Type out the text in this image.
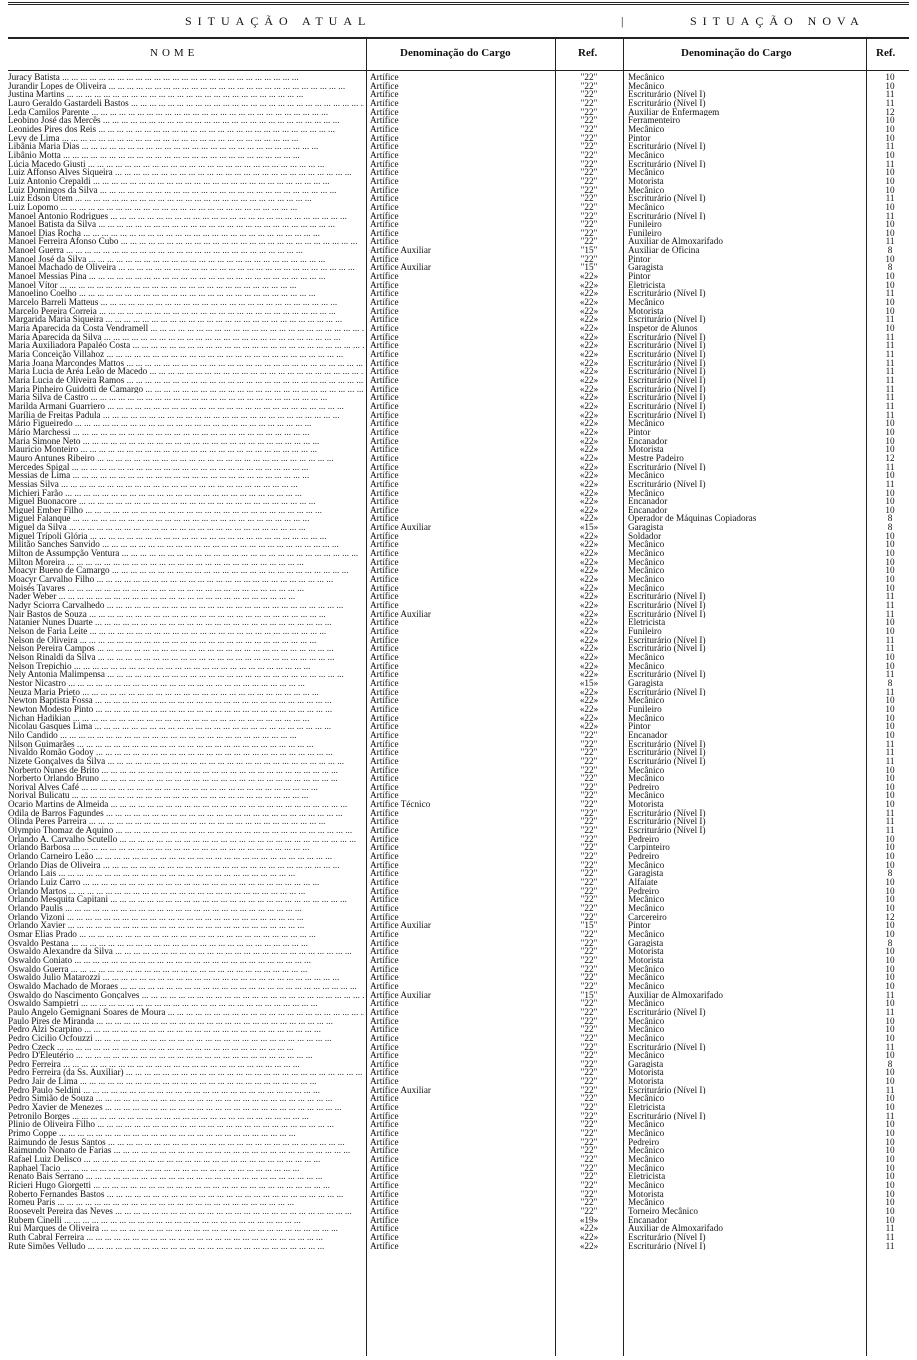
SITUAÇÃO ATUAL	|	SITUAÇÃO NOVA
NOME	Denominação do Cargo	Ref.	Denominação do Cargo	Ref.
Juracy Batista ... .	Artífice	"22"	Mecânico	10
Jurandir Lopes de Oliveira ... .	Artífice	"22"	Mecânico	10
Justina Martins ... .	Artífice	"22"	Escriturário (Nível I)	11
Lauro Geraldo Gastardeli Bastos ... .	Artífice	"22"	Escriturário (Nível I)	11
Leda Camilos Parente ... .	Artífice	"22"	Auxiliar de Enfermagem	12
Leobino José das Mercês ... .	Artífice	"22"	Ferramenteiro	10
Leonides Pires dos Reis ... .	Artífice	"22"	Mecânico	10
Levy de Lima ... .	Artífice	"22"	Pintor	10
Libânia Maria Dias ... .	Artífice	"22"	Escriturário (Nível I)	11
Libânio Motta ... .	Artífice	"22"	Mecânico	10
Lúcia Macedo Giusti ... .	Artífice	"22"	Escriturário (Nível I)	11
Luiz Affonso Alves Siqueira ... .	Artífice	"22"	Mecânico	10
Luiz Antonio Crepaldi ... .	Artífice	"22"	Motorista	10
Luiz Domingos da Silva ... .	Artífice	"22"	Mecânico	10
Luiz Edson Utem ... .	Artífice	"22"	Escriturário (Nível I)	11
Luiz Lopomo ... .	Artífice	"22"	Mecânico	10
Manoel Antonio Rodrigues ... .	Artífice	"22"	Escriturário (Nível I)	11
Manoel Batista da Silva ... .	Artífice	"22"	Funileiro	10
Manoel Dias Rocha ... .	Artífice	"22"	Funileiro	10
Manoel Ferreira Afonso Cubo ... .	Artífice	"22"	Auxiliar de Almoxarifado	11
Manoel Guerra ... .	Artífice Auxiliar	"15"	Auxiliar de Oficina	8
Manoel José da Silva ... .	Artífice	"22"	Pintor	10
Manoel Machado de Oliveira ... .	Artífice Auxiliar	"15"	Garagista	8
Manoel Messias Pina ... .	Artífice	«22»	Pintor	10
Manoel Vítor ... .	Artífice	«22»	Eletricista	10
Manoelino Coelho ... .	Artífice	«22»	Escriturário (Nível I)	11
Marcelo Barreli Matteus ... .	Artífice	«22»	Mecânico	10
Marcelo Pereira Correia ... .	Artífice	«22»	Motorista	10
Margarida Maria Siqueira ... .	Artífice	«22»	Escriturário (Nível I)	11
Maria Aparecida da Costa Vendramell ... .	Artífice	«22»	Inspetor de Alunos	10
Maria Aparecida da Silva ... .	Artífice	«22»	Escriturário (Nível I)	11
Maria Auxiliadora Papaléo Costa ... .	Artífice	«22»	Escriturário (Nível I)	11
Maria Conceição Villahoz ... .	Artífice	«22»	Escriturário (Nível I)	11
Maria Joana Marcondes Mattos ... .	Artífice	«22»	Escriturário (Nível I)	11
Maria Lucia de Aréa Leão de Macedo ... .	Artífice	«22»	Escriturário (Nível I)	11
Maria Lucia de Oliveira Ramos ... .	Artífice	«22»	Escriturário (Nível I)	11
Maria Pinheiro Guidotti de Camargo ... .	Artífice	«22»	Escriturário (Nível I)	11
Maria Silva de Castro ... .	Artífice	«22»	Escriturário (Nível I)	11
Marilda Armani Guarriero ... .	Artífice	«22»	Escriturário (Nível I)	11
Marília de Freitas Padula ... .	Artífice	«22»	Escriturário (Nível I)	11
Mário Figueiredo ... .	Artífice	«22»	Mecânico	10
Mário Marchessi ... .	Artífice	«22»	Pintor	10
Maria Simone Neto ... .	Artífice	«22»	Encanador	10
Maurício Monteiro ... .	Artífice	«22»	Motorista	10
Mauro Antunes Ribeiro ... .	Artífice	«22»	Mestre Padeiro	12
Mercedes Spigal ... .	Artífice	«22»	Escriturário (Nível I)	11
Messias de Lima ... .	Artífice	«22»	Mecânico	10
Messias Silva ... .	Artífice	«22»	Escriturário (Nível I)	11
Michieri Farão ... .	Artífice	«22»	Mecânico	10
Miguel Buonacore ... .	Artífice	«22»	Encanador	10
Miguel Ember Filho ... .	Artífice	«22»	Encanador	10
Miguel Falanque ... .	Artífice	«22»	Operador de Máquinas Copiadoras	8
Miguel da Silva ... .	Artífice Auxiliar	«15»	Garagista	8
Miguel Trípoli Glória ... .	Artífice	«22»	Soldador	10
Militão Sanches Sanvido ... .	Artífice	«22»	Mecânico	10
Milton de Assumpção Ventura ... .	Artífice	«22»	Mecânico	10
Milton Moreira ... .	Artífice	«22»	Mecânico	10
Moacyr Bueno de Camargo ... .	Artífice	«22»	Mecânico	10
Moacyr Carvalho Filho ... .	Artífice	«22»	Mecânico	10
Moisés Tavares ... .	Artífice	«22»	Mecânico	10
Nader Weber ... .	Artífice	«22»	Escriturário (Nível I)	11
Nadyr Sciorra Carvalhedo ... .	Artífice	«22»	Escriturário (Nível I)	11
Nair Bastos de Souza ... .	Artífice Auxiliar	«22»	Escriturário (Nível I)	11
Natanier Nunes Duarte ... .	Artífice	«22»	Eletricista	10
Nelson de Faria Leite ... .	Artífice	«22»	Funileiro	10
Nelson de Oliveira ... .	Artífice	«22»	Escriturário (Nível I)	11
Nelson Pereira Campos ... .	Artífice	«22»	Escriturário (Nível I)	11
Nelson Rinaldi da Silva ... .	Artífice	«22»	Mecânico	10
Nelson Trepichio ... .	Artífice	«22»	Mecânico	10
Nely Antonia Malimpensa ... .	Artífice	«22»	Escriturário (Nível I)	11
Nestor Nicastro ... .	Artífice	«15»	Garagista	8
Neuza Maria Prieto ... .	Artífice	«22»	Escriturário (Nível I)	11
Newton Baptista Fossa ... .	Artífice	«22»	Mecânico	10
Newton Modesto Pinto ... .	Artífice	«22»	Funileiro	10
Nichan Hadikian ... .	Artífice	«22»	Mecânico	10
Nicolau Gasques Lima ... .	Artífice	«22»	Pintor	10
Nilo Candido ... .	Artífice	"22"	Encanador	10
Nilson Guimarães ... .	Artífice	"22"	Escriturário (Nível I)	11
Nivaldo Romão Godoy ... .	Artífice	"22"	Escriturário (Nível I)	11
Nizete Gonçalves da Silva ... .	Artífice	"22"	Escriturário (Nível I)	11
Norberto Nunes de Brito ... .	Artífice	"22"	Mecânico	10
Norberto Orlando Bruno ... .	Artífice	"22"	Mecânico	10
Norival Alves Café ... .	Artífice	"22"	Pedreiro	10
Norival Bulicatu ... .	Artífice	"22"	Mecânico	10
Ocario Martins de Almeida ... .	Artífice Técnico	"22"	Motorista	10
Odila de Barros Fagundes ... .	Artífice	"22"	Escriturário (Nível I)	11
Olinda Peres Parreira ... .	Artífice	"22"	Escriturário (Nível I)	11
Olympio Thomaz de Aquino ... .	Artífice	"22"	Escriturário (Nível I)	11
Orlando A. Carvalho Scutello ... .	Artífice	"22"	Pedreiro	10
Orlando Barbosa ... .	Artífice	"22"	Carpinteiro	10
Orlando Carneiro Leão ... .	Artífice	"22"	Pedreiro	10
Orlando Dias de Oliveira ... .	Artífice	"22"	Mecânico	10
Orlando Lais ... .	Artífice	"22"	Garagista	8
Orlando Luiz Carro ... .	Artífice	"22"	Alfaiate	10
Orlando Martos ... .	Artífice	"22"	Pedreiro	10
Orlando Mesquita Capitani ... .	Artífice	"22"	Mecânico	10
Orlando Paulis ... .	Artífice	"22"	Mecânico	10
Orlando Vizoni ... .	Artífice	"22"	Carcereiro	12
Orlando Xavier ... .	Artífice Auxiliar	"15"	Pintor	10
Osmar Elias Prado ... .	Artífice	"22"	Mecânico	10
Osvaldo Pestana ... .	Artífice	"22"	Garagista	8
Oswaldo Alexandre da Silva ... .	Artífice	"22"	Motorista	10
Oswaldo Coniato ... .	Artífice	"22"	Motorista	10
Oswaldo Guerra ... .	Artífice	"22"	Mecânico	10
Oswaldo Julio Matarozzi ... .	Artífice	"22"	Mecânico	10
Oswaldo Machado de Moraes ... .	Artífice	"22"	Mecânico	10
Oswaldo do Nascimento Gonçalves ... .	Artífice Auxiliar	"15"	Auxiliar de Almoxarifado	11
Oswaldo Sampietri ... .	Artífice	"22"	Mecânico	10
Paulo Angelo Gemignani Soares de Moura ... .	Artífice	"22"	Escriturário (Nível I)	11
Paulo Pires de Miranda ... .	Artífice	"22"	Mecânico	10
Pedro Alzi Scarpino ... .	Artífice	"22"	Mecânico	10
Pedro Cicilio Ocfouzzi ... .	Artífice	"22"	Mecânico	10
Pedro Czeck ... .	Artífice	"22"	Escriturário (Nível I)	11
Pedro D'Eleutério ... .	Artífice	"22"	Mecânico	10
Pedro Ferreira ... .	Artífice	"22"	Garagista	8
Pedro Ferreira (da Ss. Auxiliar) ... .	Artífice	"22"	Motorista	10
Pedro Jair de Lima ... .	Artífice	"22"	Motorista	10
Pedro Paulo Seldini ... .	Artífice Auxiliar	"22"	Escriturário (Nível I)	11
Pedro Simião de Souza ... .	Artífice	"22"	Mecânico	10
Pedro Xavier de Menezes ... .	Artífice	"22"	Eletricista	10
Petronilo Borges ... .	Artífice	"22"	Escriturário (Nível I)	11
Plinio de Oliveira Filho ... .	Artífice	"22"	Mecânico	10
Primo Coppe ... .	Artífice	"22"	Mecânico	10
Raimundo de Jesus Santos ... .	Artífice	"22"	Pedreiro	10
Raimundo Nonato de Farias ... .	Artífice	"22"	Mecânico	10
Rafael Luiz Delisco ... .	Artífice	"22"	Mecânico	10
Raphael Tacio ... .	Artífice	"22"	Mecânico	10
Renato Bais Serrano ... .	Artífice	"22"	Eletricista	10
Ricieri Hugo Giorgetti ... .	Artífice	"22"	Mecânico	10
Roberto Fernandes Bastos ... .	Artífice	"22"	Motorista	10
Romeu Paris ... .	Artífice	"22"	Mecânico	10
Roosevelt Pereira das Neves ... .	Artífice	"22"	Torneiro Mecânico	10
Rubem Cinelli ... .	Artífice	«19»	Encanador	10
Rui Marques de Oliveira ... .	Artífice	«22»	Auxiliar de Almoxarifado	11
Ruth Cabral Ferreira ... .	Artífice	«22»	Escriturário (Nível I)	11
Rute Simões Velludo ... .	Artífice	«22»	Escriturário (Nível I)	11
